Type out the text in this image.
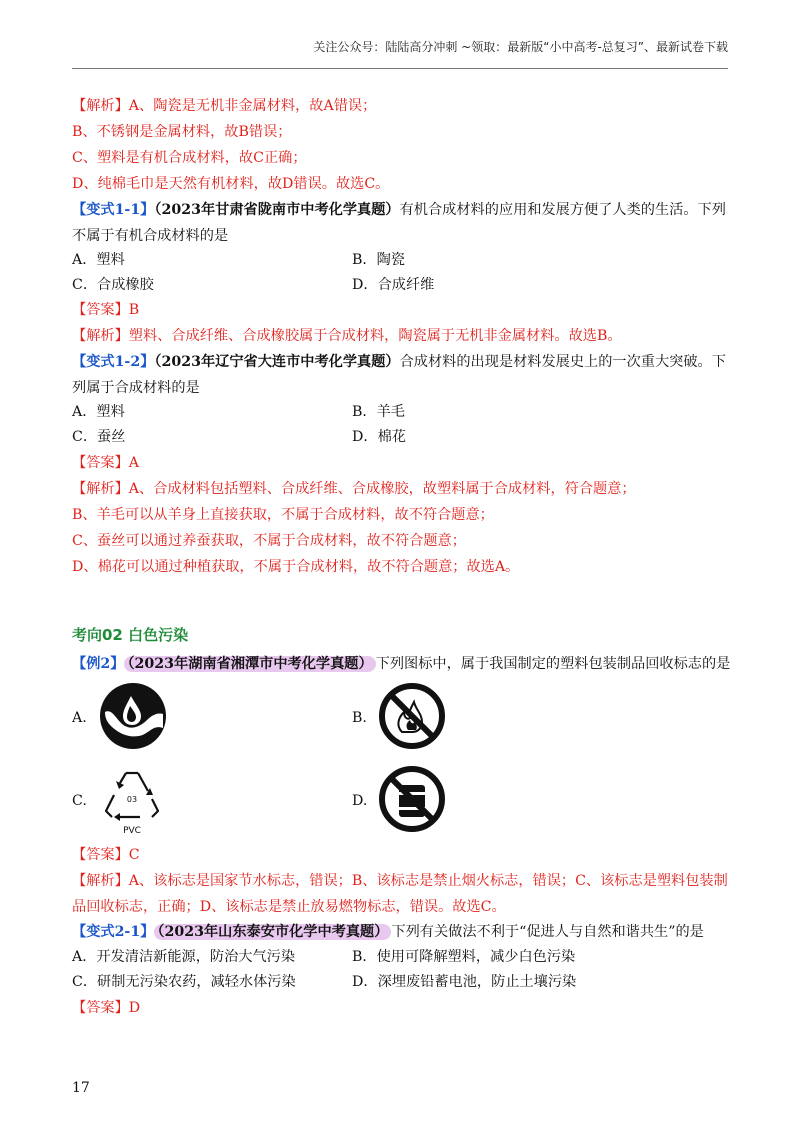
关注公众号：陆陆高分冲刺 ~领取：最新版“小中高考-总复习”、最新试卷下载
【解析】A、陶瓷是无机非金属材料，故A错误；
B、不锈钢是金属材料，故B错误；
C、塑料是有机合成材料，故C正确；
D、纯棉毛巾是天然有机材料，故D错误。故选C。
【变式1-1】（2023年甘肃省陇南市中考化学真题）有机合成材料的应用和发展方便了人类的生活。下列
不属于有机合成材料的是
A．塑料	B．陶瓷
C．合成橡胶	D．合成纤维
【答案】B
【解析】塑料、合成纤维、合成橡胶属于合成材料，陶瓷属于无机非金属材料。故选B。
【变式1-2】（2023年辽宁省大连市中考化学真题）合成材料的出现是材料发展史上的一次重大突破。下
列属于合成材料的是
A．塑料	B．羊毛
C．蚕丝	D．棉花
【答案】A
【解析】A、合成材料包括塑料、合成纤维、合成橡胶，故塑料属于合成材料，符合题意；
B、羊毛可以从羊身上直接获取，不属于合成材料，故不符合题意；
C、蚕丝可以通过养蚕获取，不属于合成材料，故不符合题意；
D、棉花可以通过种植获取，不属于合成材料，故不符合题意；故选A。
考向02 白色污染
【例2】 （2023年湖南省湘潭市中考化学真题） 下列图标中，属于我国制定的塑料包装制品回收标志的是
A.	B.
C.	03
PVC
D.
【答案】C
【解析】A、该标志是国家节水标志，错误；B、该标志是禁止烟火标志，错误；C、该标志是塑料包装制
品回收标志，正确；D、该标志是禁止放易燃物标志，错误。故选C。
【变式2-1】 （2023年山东泰安市化学中考真题） 下列有关做法不利于“促进人与自然和谐共生”的是
A．开发清洁新能源，防治大气污染	B．使用可降解塑料，减少白色污染
C．研制无污染农药，减轻水体污染	D．深埋废铅蓄电池，防止土壤污染
【答案】D
17
